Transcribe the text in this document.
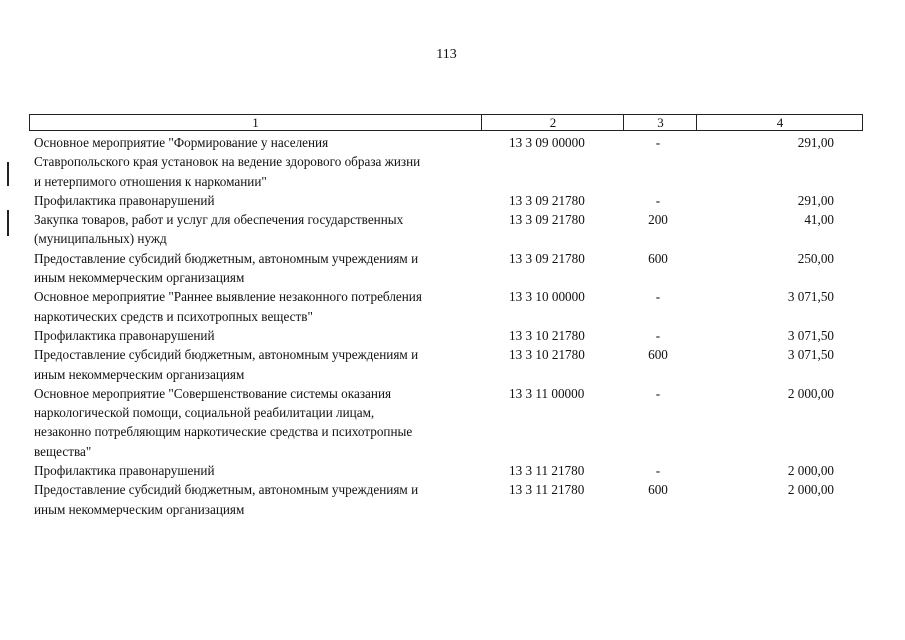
113
1	2	3	4
Основное мероприятие "Формирование у населения
Ставропольского края установок на ведение здорового образа жизни
и нетерпимого отношения к наркомании"
13 3 09 00000	-	291,00
Профилактика правонарушений	13 3 09 21780	-	291,00
Закупка товаров, работ и услуг для обеспечения государственных
(муниципальных) нужд
13 3 09 21780	200	41,00
Предоставление субсидий бюджетным, автономным учреждениям и
иным некоммерческим организациям
13 3 09 21780	600	250,00
Основное мероприятие "Раннее выявление незаконного потребления
наркотических средств и психотропных веществ"
13 3 10 00000	-	3 071,50
Профилактика правонарушений	13 3 10 21780	-	3 071,50
Предоставление субсидий бюджетным, автономным учреждениям и
иным некоммерческим организациям
13 3 10 21780	600	3 071,50
Основное мероприятие "Совершенствование системы оказания
наркологической помощи, социальной реабилитации лицам,
незаконно потребляющим наркотические средства и психотропные
вещества"
13 3 11 00000	-	2 000,00
Профилактика правонарушений	13 3 11 21780	-	2 000,00
Предоставление субсидий бюджетным, автономным учреждениям и
иным некоммерческим организациям
13 3 11 21780	600	2 000,00
